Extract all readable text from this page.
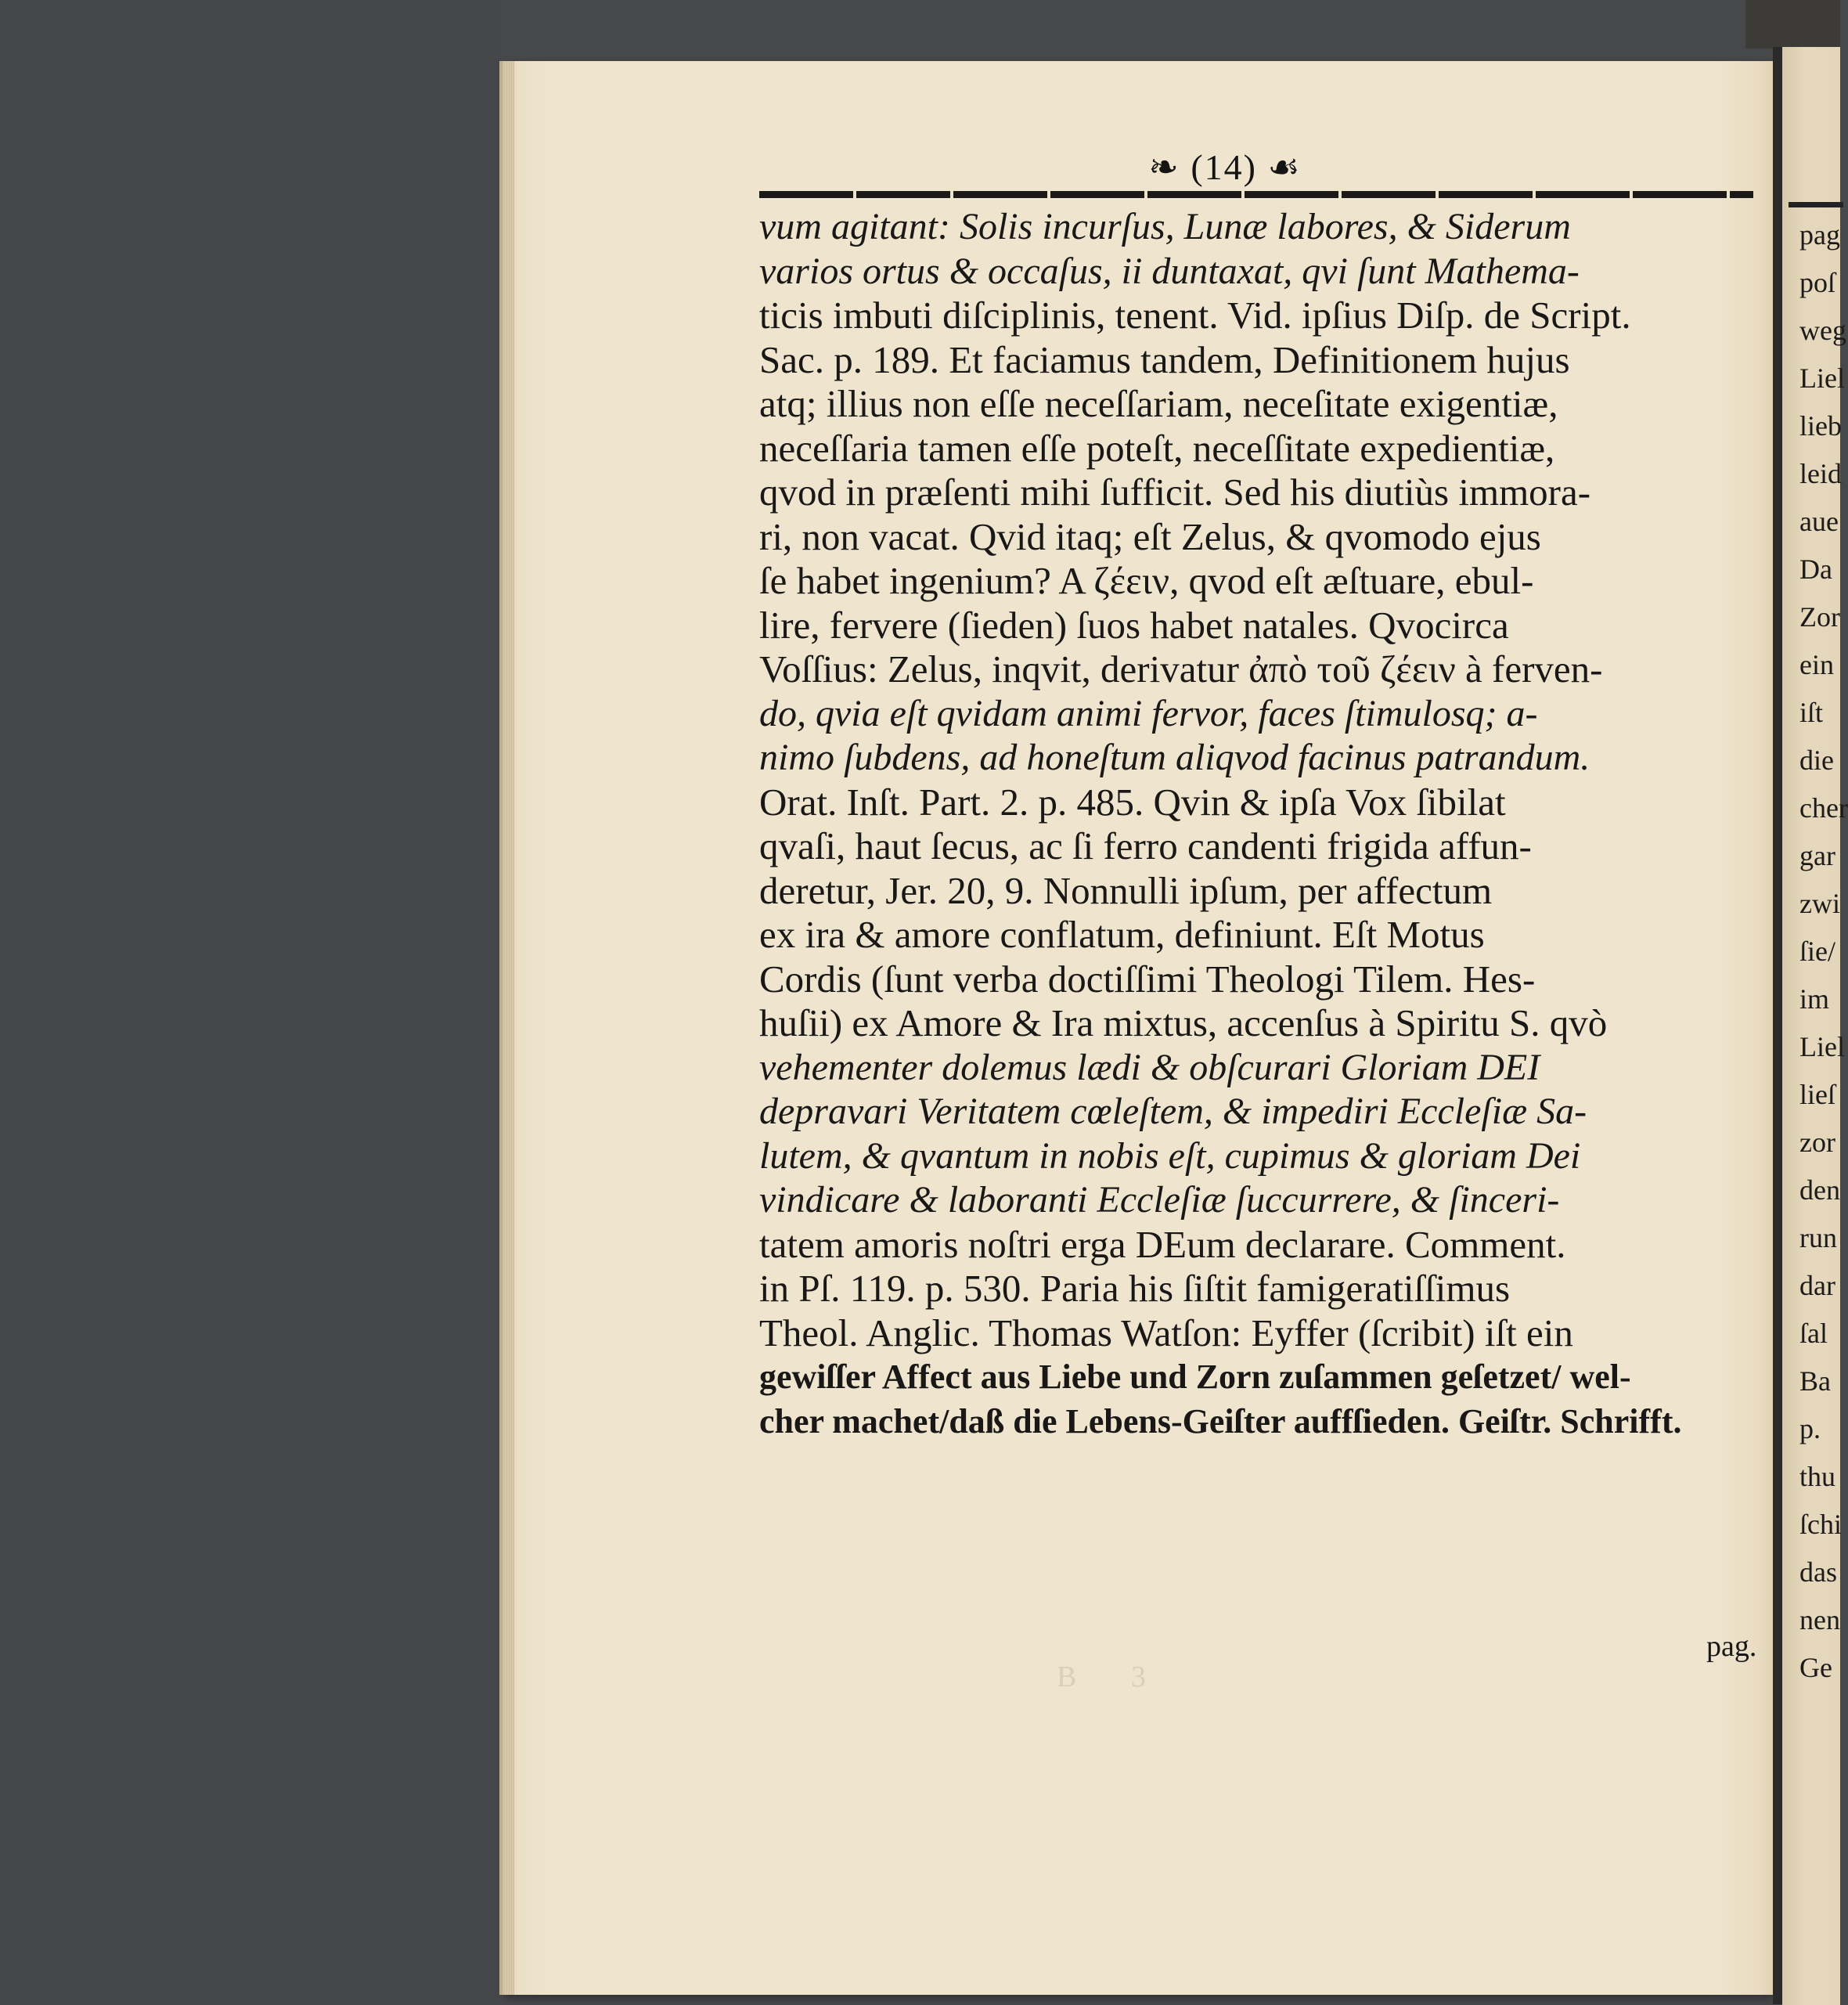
pag
poſ
weg
Liel
lieb
leid
aue
Da
Zor
ein
iſt
die
cher
gar
zwi
ſie/
im
Liel
lieſ
zor
den
run
dar
ſal
Ba
p.
thu
ſchi
das
nen
Ge
❧ (14) ☙
vum agitant: Solis incurſus, Lunæ labores, & Siderum
varios ortus & occaſus, ii duntaxat, qvi ſunt Mathema-
ticis imbuti diſciplinis, tenent. Vid. ipſius Diſp. de Script.
Sac. p. 189. Et faciamus tandem, Definitionem hujus
atq; illius non eſſe neceſſariam, neceſitate exigentiæ,
neceſſaria tamen eſſe poteſt, neceſſitate expedientiæ,
qvod in præſenti mihi ſufficit. Sed his diutiùs immora-
ri, non vacat. Qvid itaq; eſt Zelus, & qvomodo ejus
ſe habet ingenium? A ζέειν, qvod eſt æſtuare, ebul-
lire, fervere (ſieden) ſuos habet natales. Qvocirca
Voſſius: Zelus, inqvit, derivatur ἀπὸ τοῦ ζέειν à ferven-
do, qvia eſt qvidam animi fervor, faces ſtimulosq; a-
nimo ſubdens, ad honeſtum aliqvod facinus patrandum.
Orat. Inſt. Part. 2. p. 485. Qvin & ipſa Vox ſibilat
qvaſi, haut ſecus, ac ſi ferro candenti frigida affun-
deretur, Jer. 20, 9. Nonnulli ipſum, per affectum
ex ira & amore conflatum, definiunt. Eſt Motus
Cordis (ſunt verba doctiſſimi Theologi Tilem. Hes-
huſii) ex Amore & Ira mixtus, accenſus à Spiritu S. qvò
vehementer dolemus lædi & obſcurari Gloriam DEI
depravari Veritatem cœleſtem, & impediri Eccleſiæ Sa-
lutem, & qvantum in nobis eſt, cupimus & gloriam Dei
vindicare & laboranti Eccleſiæ ſuccurrere, & ſinceri-
tatem amoris noſtri erga DEum declarare. Comment.
in Pſ. 119. p. 530. Paria his ſiſtit famigeratiſſimus
Theol. Anglic. Thomas Watſon: Eyffer (ſcribit) iſt ein
gewiſſer Affect aus Liebe und Zorn zuſammen geſetzet/ wel-
cher machet/daß die Lebens-Geiſter auffſieden. Geiſtr. Schrifft.
pag.
B 3
